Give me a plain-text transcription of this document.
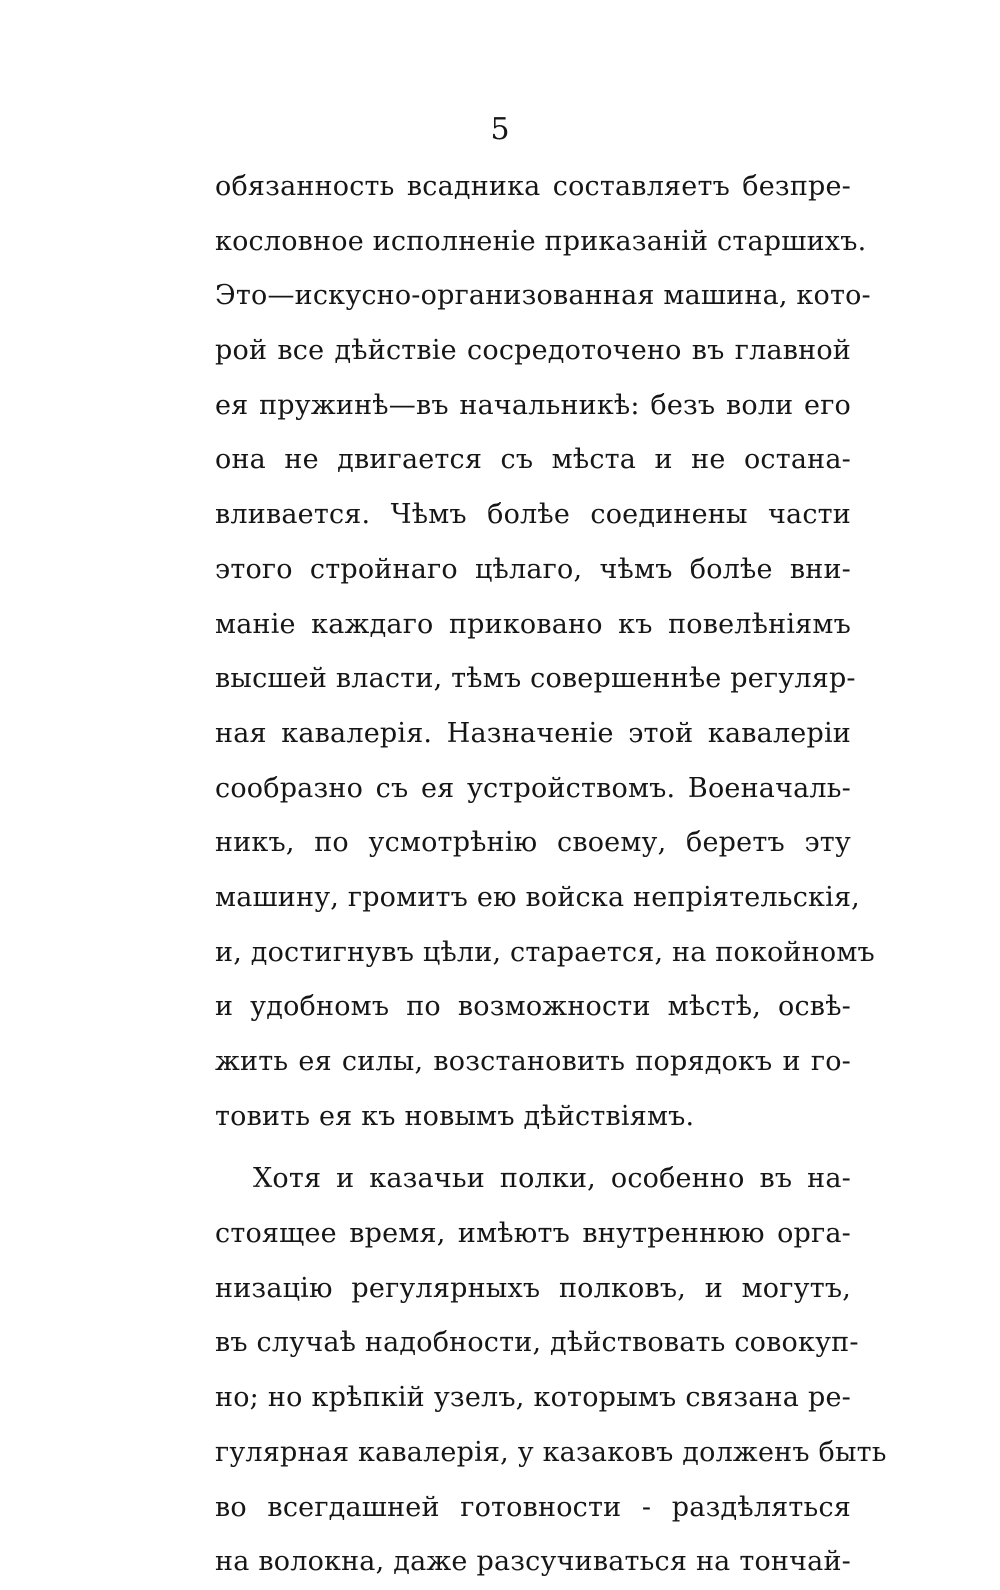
5
обязанность всадника составляетъ безпре-
кословное исполненіе приказаній старшихъ.
Это—искусно-организованная машина, кото-
рой все дѣйствіе сосредоточено въ главной
ея пружинѣ—въ начальникѣ: безъ воли его
она не двигается съ мѣста и не остана-
вливается. Чѣмъ болѣе соединены части
этого стройнаго цѣлаго, чѣмъ болѣе вни-
маніе каждаго приковано къ повелѣніямъ
высшей власти, тѣмъ совершеннѣе регуляр-
ная кавалерія. Назначеніе этой кавалеріи
сообразно съ ея устройствомъ. Военачаль-
никъ, по усмотрѣнію своему, беретъ эту
машину, громитъ ею войска непріятельскія,
и, достигнувъ цѣли, старается, на покойномъ
и удобномъ по возможности мѣстѣ, освѣ-
жить ея силы, возстановить порядокъ и го-
товить ея къ новымъ дѣйствіямъ.
Хотя и казачьи полки, особенно въ на-
стоящее время, имѣютъ внутреннюю орга-
низацію регулярныхъ полковъ, и могутъ,
въ случаѣ надобности, дѣйствовать совокуп-
но; но крѣпкій узелъ, которымъ связана ре-
гулярная кавалерія, у казаковъ долженъ быть
во всегдашней готовности - раздѣляться
на волокна, даже разсучиваться на тончай-
